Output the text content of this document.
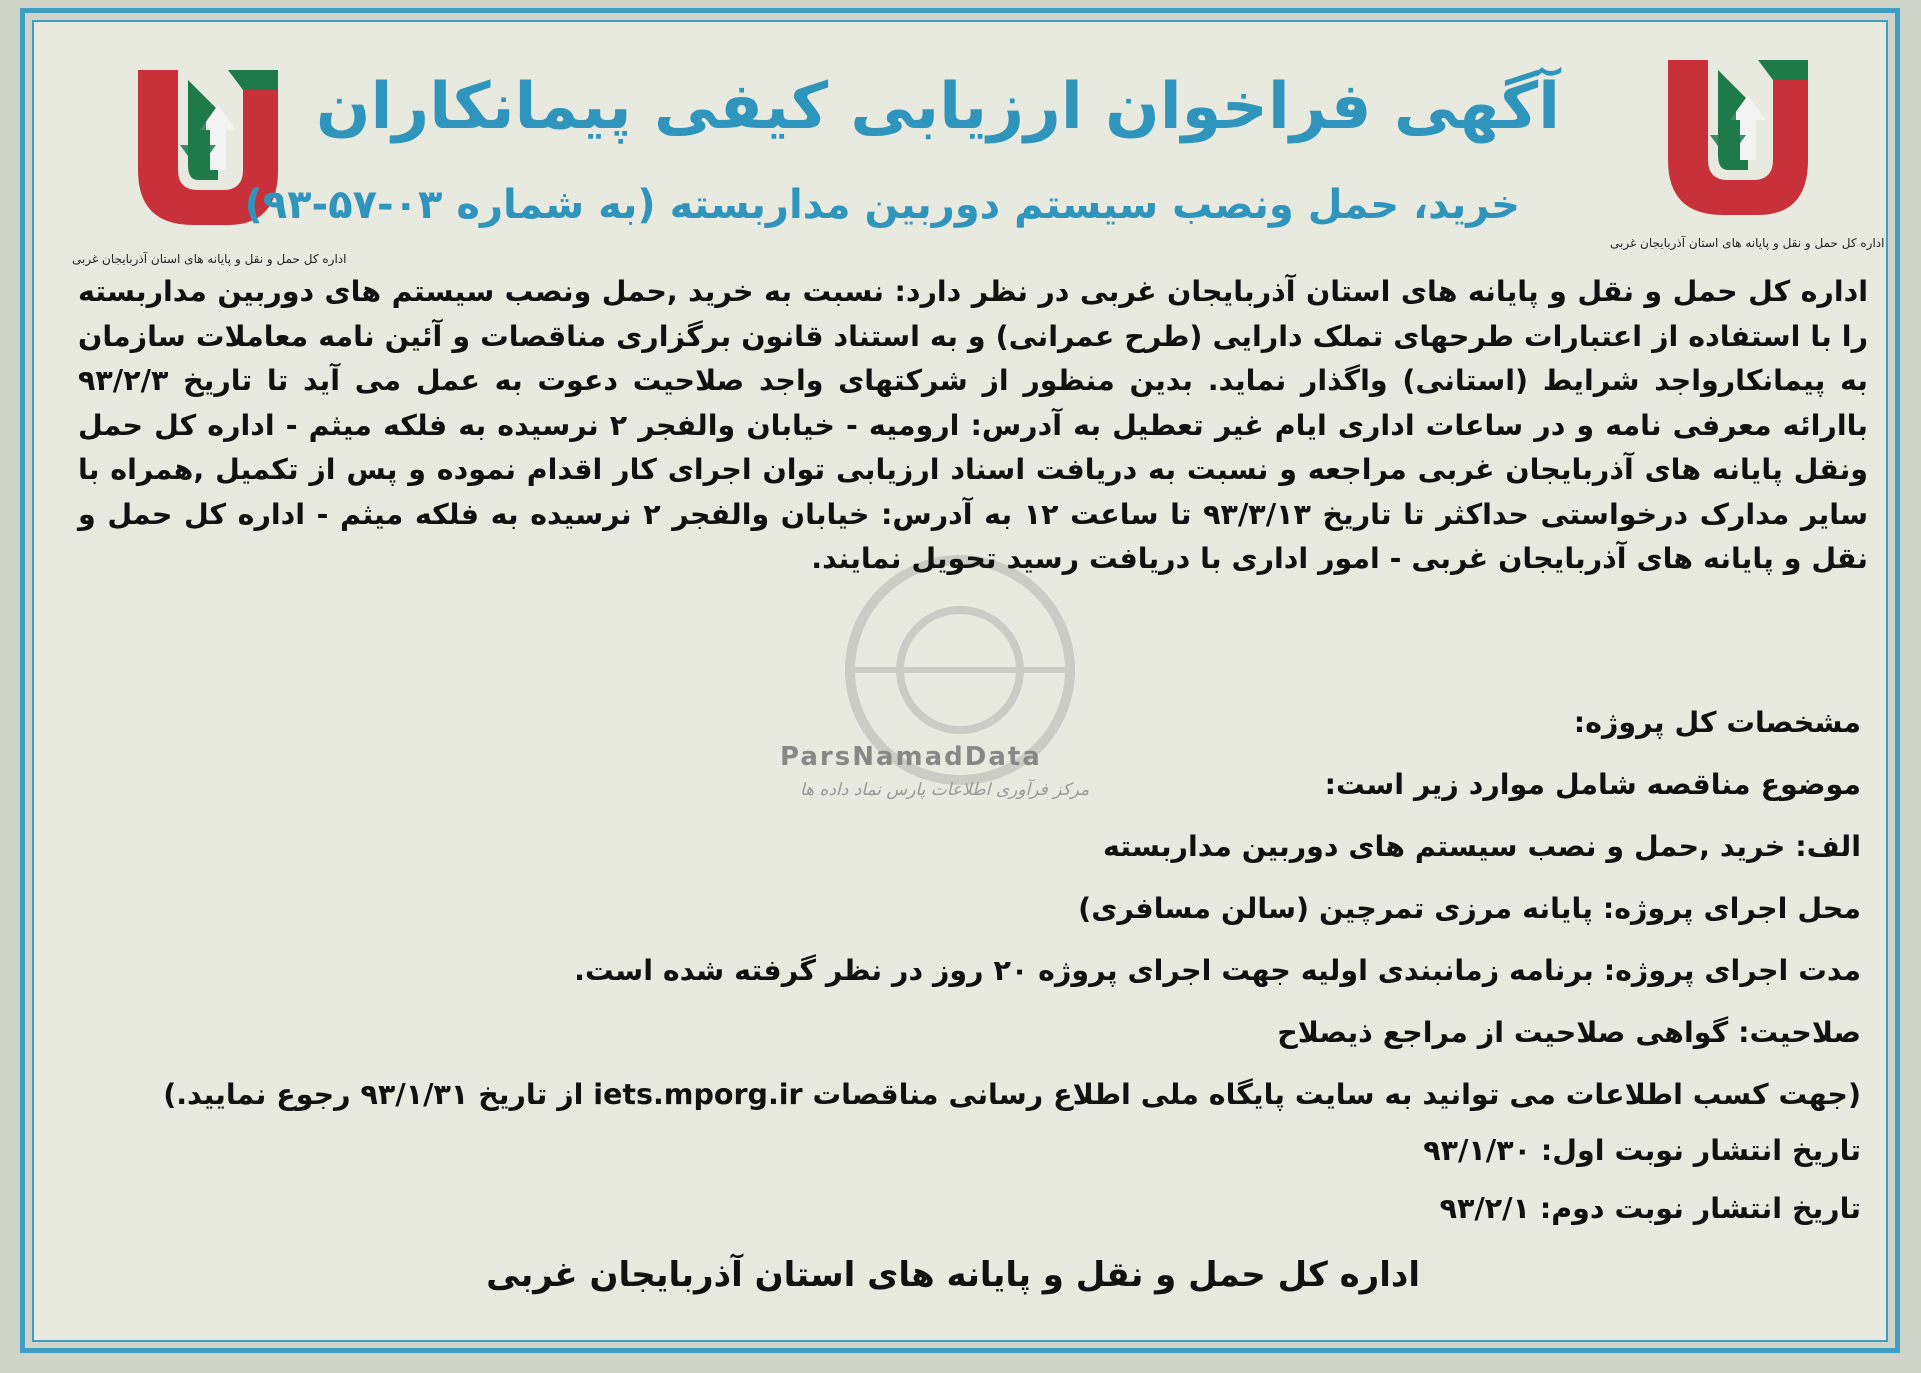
اداره کل حمل و نقل و پایانه های استان آذربایجان غربی
اداره کل حمل و نقل و پایانه های استان آذربایجان غربی
آگهی فراخوان ارزیابی کیفی پیمانکاران
خرید، حمل ونصب سیستم دوربین مداربسته (به شماره ۰۳-۵۷-۹۳)
ParsNamadData
مرکز فرآوری اطلاعات پارس نماد داده ها
اداره کل حمل و نقل و پایانه های استان آذربایجان غربی در نظر دارد: نسبت به خرید ,حمل ونصب سیستم های دوربین مداربسته را با استفاده از اعتبارات طرحهای تملک دارایی (طرح عمرانی) و به استناد قانون برگزاری مناقصات و آئین نامه معاملات سازمان به پیمانکارواجد شرایط (استانی) واگذار نماید. بدین منظور از شرکتهای واجد صلاحیت دعوت به عمل می آید تا تاریخ ۹۳/۲/۳ باارائه معرفی نامه و در ساعات اداری ایام غیر تعطیل به آدرس: ارومیه - خیابان والفجر ۲ نرسیده به فلکه میثم - اداره کل حمل ونقل پایانه های آذربایجان غربی مراجعه و نسبت به دریافت اسناد ارزیابی توان اجرای کار اقدام نموده و پس از تکمیل ,همراه با سایر مدارک درخواستی حداکثر تا تاریخ ۹۳/۳/۱۳ تا ساعت ۱۲ به آدرس: خیابان والفجر ۲ نرسیده به فلکه میثم - اداره کل حمل و نقل و پایانه های آذربایجان غربی - امور اداری با دریافت رسید تحویل نمایند.
مشخصات کل پروژه:
موضوع مناقصه شامل موارد زیر است:
الف: خرید ,حمل و نصب سیستم های دوربین مداربسته
محل اجرای پروژه: پایانه مرزی تمرچین (سالن مسافری)
مدت اجرای پروژه: برنامه زمانبندی اولیه جهت اجرای پروژه ۲۰ روز در نظر گرفته شده است.
صلاحیت: گواهی صلاحیت از مراجع ذیصلاح
(جهت کسب اطلاعات می توانید به سایت پایگاه ملی اطلاع رسانی مناقصات iets.mporg.ir از تاریخ ۹۳/۱/۳۱ رجوع نمایید.)
تاریخ انتشار نوبت اول: ۹۳/۱/۳۰
تاریخ انتشار نوبت دوم: ۹۳/۲/۱
اداره کل حمل و نقل و پایانه های استان آذربایجان غربی
